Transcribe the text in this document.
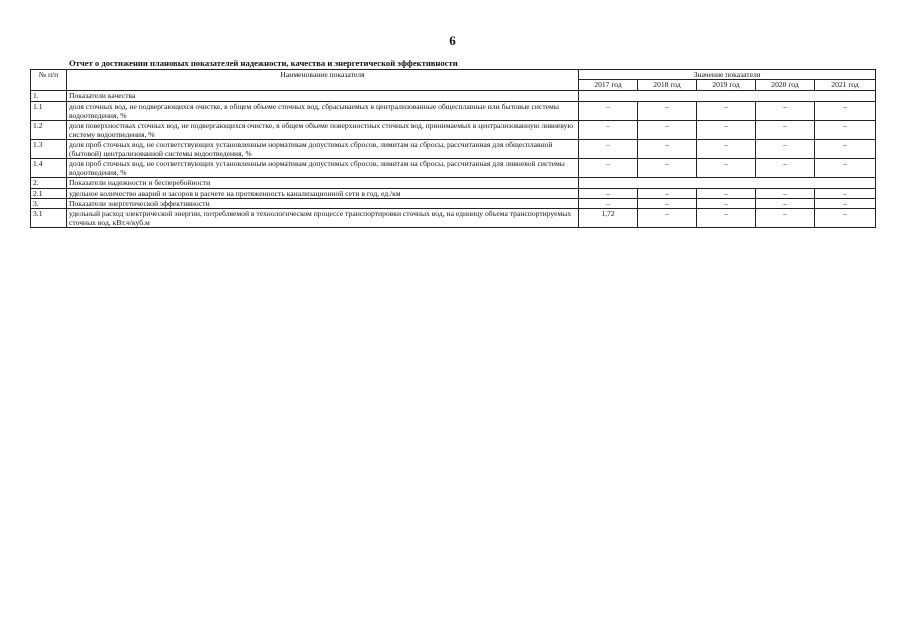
6
Отчет о достижении плановых показателей надежности, качества и энергетической эффективности
№ п/п	Наименование показателя	Значение показателя				
		2017 год	2018 год	2019 год	2020 год	2021 год
1.	Показатели качества					
1.1	доля сточных вод, не подвергающихся очистке, в общем объеме сточных вод, сбрасываемых в централизованные общесплавные или бытовые системы водоотведения, %	–	–	–	–	–
1.2	доля поверхностных сточных вод, не подвергающихся очистке, в общем объеме поверхностных сточных вод, принимаемых в централизованную ливневую систему водоотведения, %	–	–	–	–	–
1.3	доля проб сточных вод, не соответствующих установленным нормативам допустимых сбросов, лимитам на сбросы, рассчитанная для общесплавной (бытовой) централизованной системы водоотведения, %	–	–	–	–	–
1.4	доля проб сточных вод, не соответствующих установленным нормативам допустимых сбросов, лимитам на сбросы, рассчитанная для ливневой системы водоотведения, %	–	–	–	–	–
2.	Показатели надежности и бесперебойности					
2.1	удельное количество аварий и засоров в расчете на протяженность канализационной сети в год, ед./км	–	–	–	–	–
3.	Показатели энергетической эффективности	–	–	–	–	–
3.1	удельный расход электрической энергии, потребляемой в технологическом процессе транспортировки сточных вод, на единицу объема транспортируемых сточных вод, кВт.ч/куб.м	1,72	–	–	–	–
